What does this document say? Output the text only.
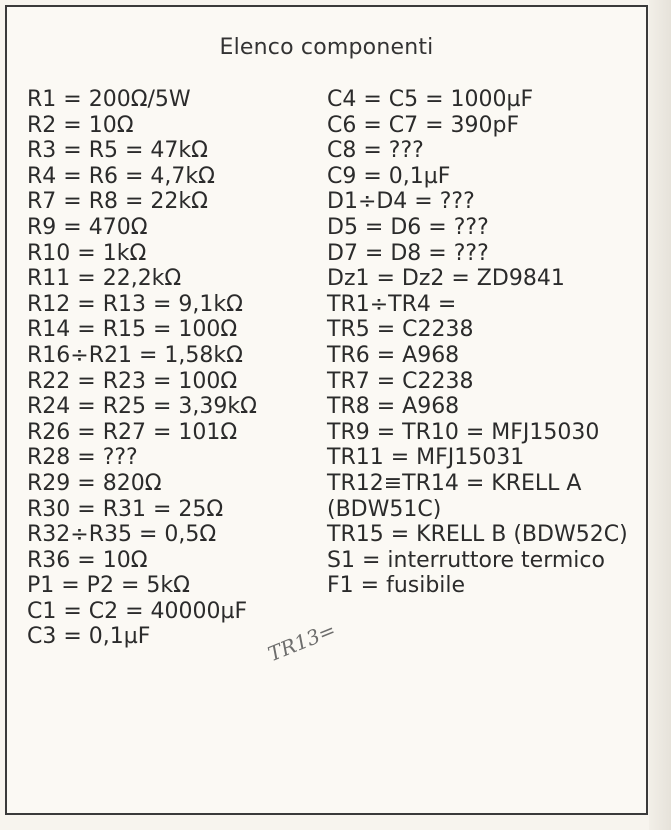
Elenco componenti
R1 = 200Ω/5W
R2 = 10Ω
R3 = R5 = 47kΩ
R4 = R6 = 4,7kΩ
R7 = R8 = 22kΩ
R9 = 470Ω
R10 = 1kΩ
R11 = 22,2kΩ
R12 = R13 = 9,1kΩ
R14 = R15 = 100Ω
R16÷R21 = 1,58kΩ
R22 = R23 = 100Ω
R24 = R25 = 3,39kΩ
R26 = R27 = 101Ω
R28 = ???
R29 = 820Ω
R30 = R31 = 25Ω
R32÷R35 = 0,5Ω
R36 = 10Ω
P1 = P2 = 5kΩ
C1 = C2 = 40000µF
C3 = 0,1µF
C4 = C5 = 1000µF
C6 = C7 = 390pF
C8 = ???
C9 = 0,1µF
D1÷D4 = ???
D5 = D6 = ???
D7 = D8 = ???
Dz1 = Dz2 = ZD9841
TR1÷TR4 =
TR5 = C2238
TR6 = A968
TR7 = C2238
TR8 = A968
TR9 = TR10 = MFJ15030
TR11 = MFJ15031
TR12≡TR14 = KRELL A
(BDW51C)
TR15 = KRELL B (BDW52C)
S1 = interruttore termico
F1 = fusibile
TR13=
